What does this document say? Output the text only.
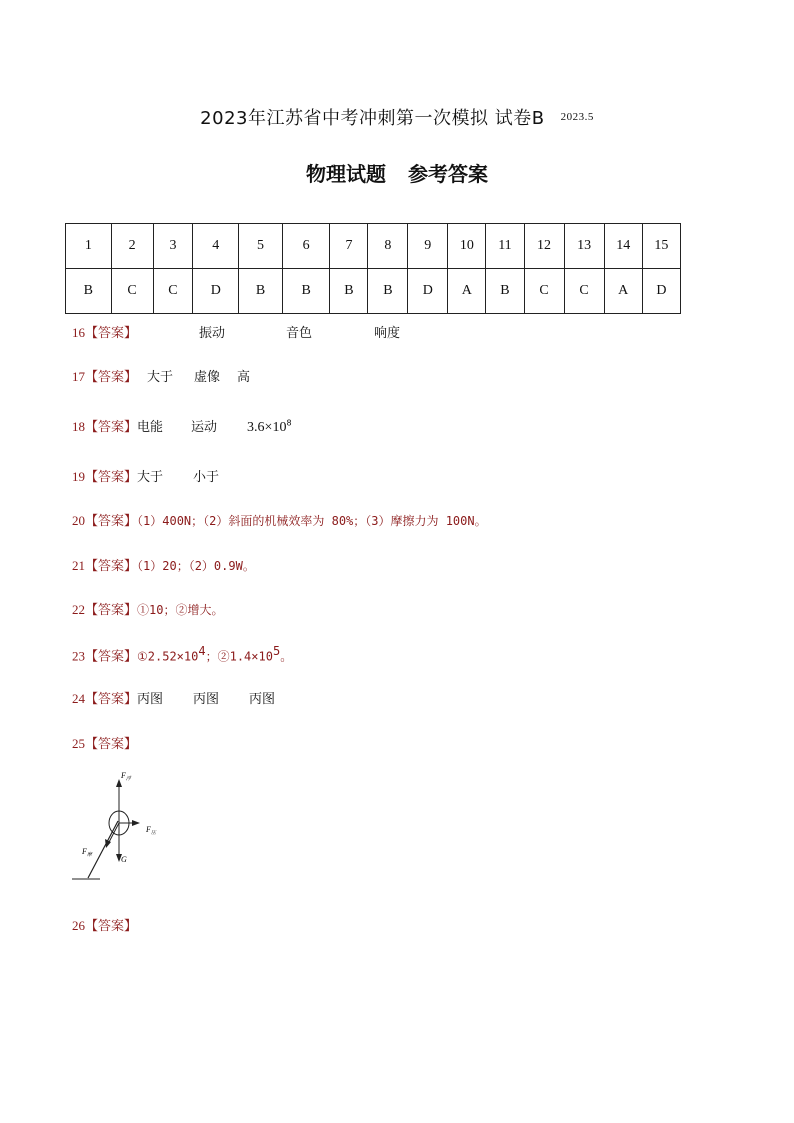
2023年江苏省中考冲刺第一次模拟 试卷B $^{2023.5}$
物理试题 参考答案
1	2	3	4	5	6	7	8	9	10	11	12	13	14	15
B	C	C	D	B	B	B	B	D	A	B	C	C	A	D
16【答案】	振动	音色	响度
17【答案】 大于 虚像 高
18【答案】电能 运动 $3.6\times 10^8$
19【答案】大于 小于
20【答案】（1）400N；（2）斜面的机械效率为 80%；（3）摩擦力为 100N。
21【答案】（1）20；（2）0.9W。
22【答案】①10；②增大。
23【答案】$①2.52\times 10^4$；$②1.4\times 10^5$。
24【答案】丙图 丙图 丙图
25【答案】
$F_浮$
$F_压$
$F_摩$	G
26【答案】
